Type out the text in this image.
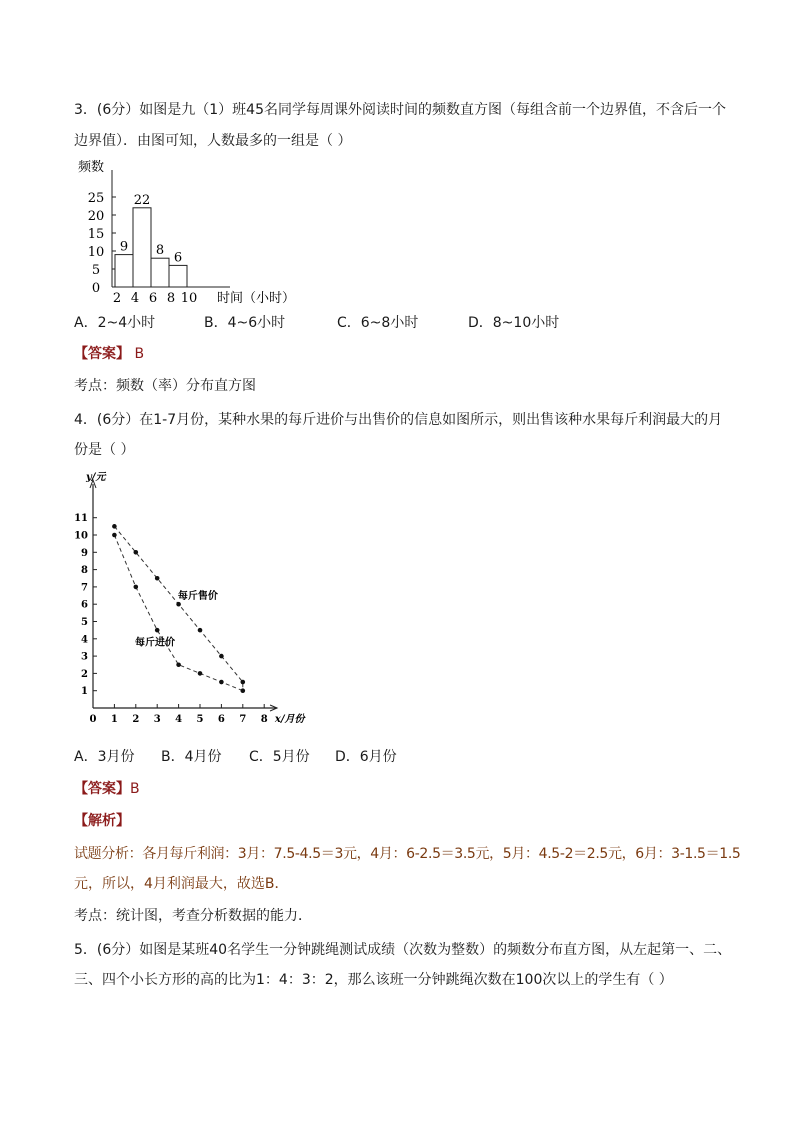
3．(6分）如图是九（1）班45名同学每周课外阅读时间的频数直方图（每组含前一个边界值，不含后一个
边界值）．由图可知，人数最多的一组是（ ）
0
5
10
15
20
25
2 4 6 8 10
9
22
8 6
频数
时间（小时）
A．2~4小时	B．4~6小时	C．6~8小时	D．8~10小时
【答案】 B
考点：频数（率）分布直方图
4．(6分）在1-7月份，某种水果的每斤进价与出售价的信息如图所示，则出售该种水果每斤利润最大的月
份是（ ）
1
2
3
4
5
6
7
8
9
10
11
0 1 2 3 4 5 6 7 8
每斤售价
每斤进价
y/元
x/月份
A．3月份 B．4月份 C．5月份 D．6月份
【答案】B
【解析】
试题分析：各月每斤利润：3月：7.5-4.5＝3元，4月：6-2.5＝3.5元，5月：4.5-2＝2.5元，6月：3-1.5＝1.5
元，所以，4月利润最大，故选B．
考点：统计图，考查分析数据的能力．
5．(6分）如图是某班40名学生一分钟跳绳测试成绩（次数为整数）的频数分布直方图，从左起第一、二、
三、四个小长方形的高的比为1：4：3：2，那么该班一分钟跳绳次数在100次以上的学生有（ ）
